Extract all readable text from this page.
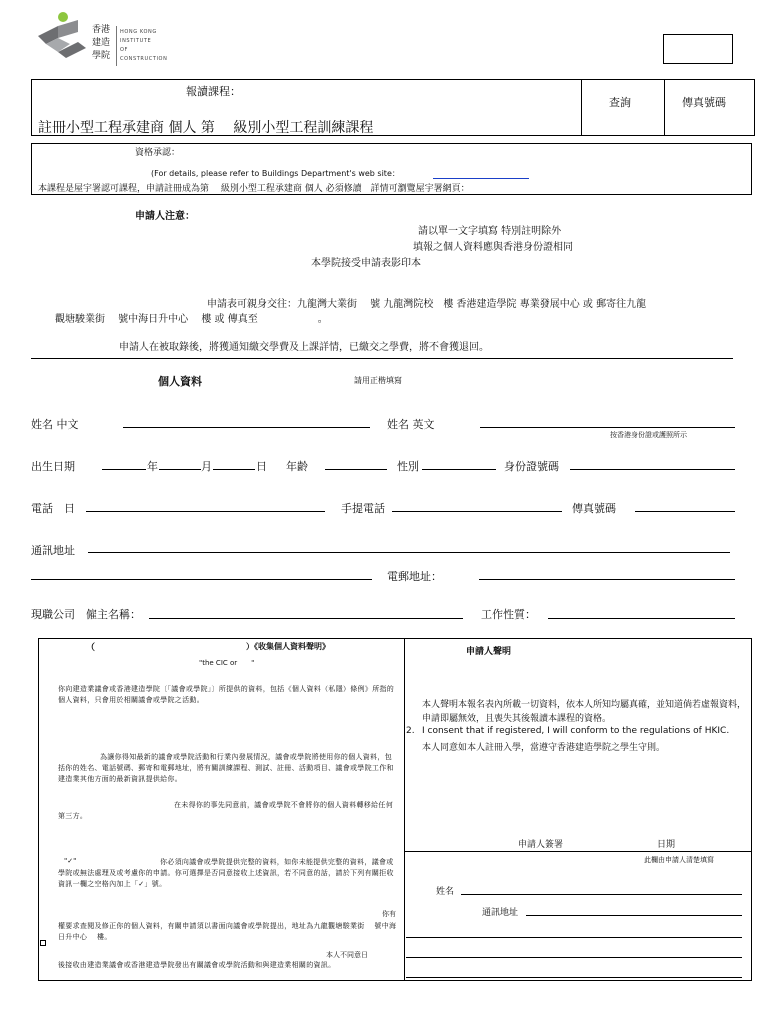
香港
建造
學院
HONG KONG
INSTITUTE
OF
CONSTRUCTION
報讀課程：
註冊小型工程承建商 個人 第　 級別小型工程訓練課程
查詢	傳真號碼
資格承認：
(For details, please refer to Buildings Department's web site：
本課程是屋宇署認可課程，申請註冊成為第　 級別小型工程承建商 個人 必須修讀　詳情可瀏覽屋宇署網頁：
申請人注意：
請以單一文字填寫 特別註明除外
填報之個人資料應與香港身份證相同
本學院接受申請表影印本
申請表可親身交往：九龍灣大業街　 號 九龍灣院校　樓 香港建造學院 專業發展中心 或 郵寄往九龍
觀塘駿業街　 號中海日升中心　 樓 或 傳真至　　　　　　。
申請人在被取錄後，將獲通知繳交學費及上課詳情，已繳交之學費，將不會獲退回。
個人資料	請用正楷填寫
姓名 中文	姓名 英文
按香港身份證或護照所示
出生日期	年	月	日 年齡	性別	身份證號碼
電話　日	手提電話	傳真號碼
通訊地址
電郵地址：
現職公司　僱主名稱：	工作性質：
（	）《收集個人資料聲明》
"the CIC or　　"
你向建造業議會或香港建造學院〔「議會或學院」〕所提供的資料，包括《個人資料（私隱）條例》所指的個人資料，只會用於相關議會或學院之活動。
為讓你得知最新的議會或學院活動和行業內發展情況，議會或學院將使用你的個人資料，包括你的姓名、電話號碼、郵寄和電郵地址，將有關訓練課程、測試、註冊、活動項目、議會或學院工作和建造業其他方面的最新資訊提供給你。
在未得你的事先同意前，議會或學院不會將你的個人資料轉移給任何第三方。
"✓"	你必須向議會或學院提供完整的資料，如你未能提供完整的資料，議會或學院或無法處理及或考慮你的申請。你可選擇是否同意接收上述資訊，若不同意的話，請於下列有關拒收資訊一欄之空格內加上「✓」號。
你有
權要求查閱及修正你的個人資料，有關申請須以書面向議會或學院提出，地址為九龍觀塘駿業街　 號中海日升中心　 樓。
本人不同意日
後接收由建造業議會或香港建造學院發出有關議會或學院活動和與建造業相關的資訊。
申請人聲明
本人聲明本報名表內所載一切資料，依本人所知均屬真確，並知道倘若虛報資料，申請即屬無效，且喪失其後報讀本課程的資格。
2. I consent that if registered, I will conform to the regulations of HKIC.
本人同意如本人註冊入學，當遵守香港建造學院之學生守則。
申請人簽署	日期
此欄由申請人清楚填寫
姓名
通訊地址
